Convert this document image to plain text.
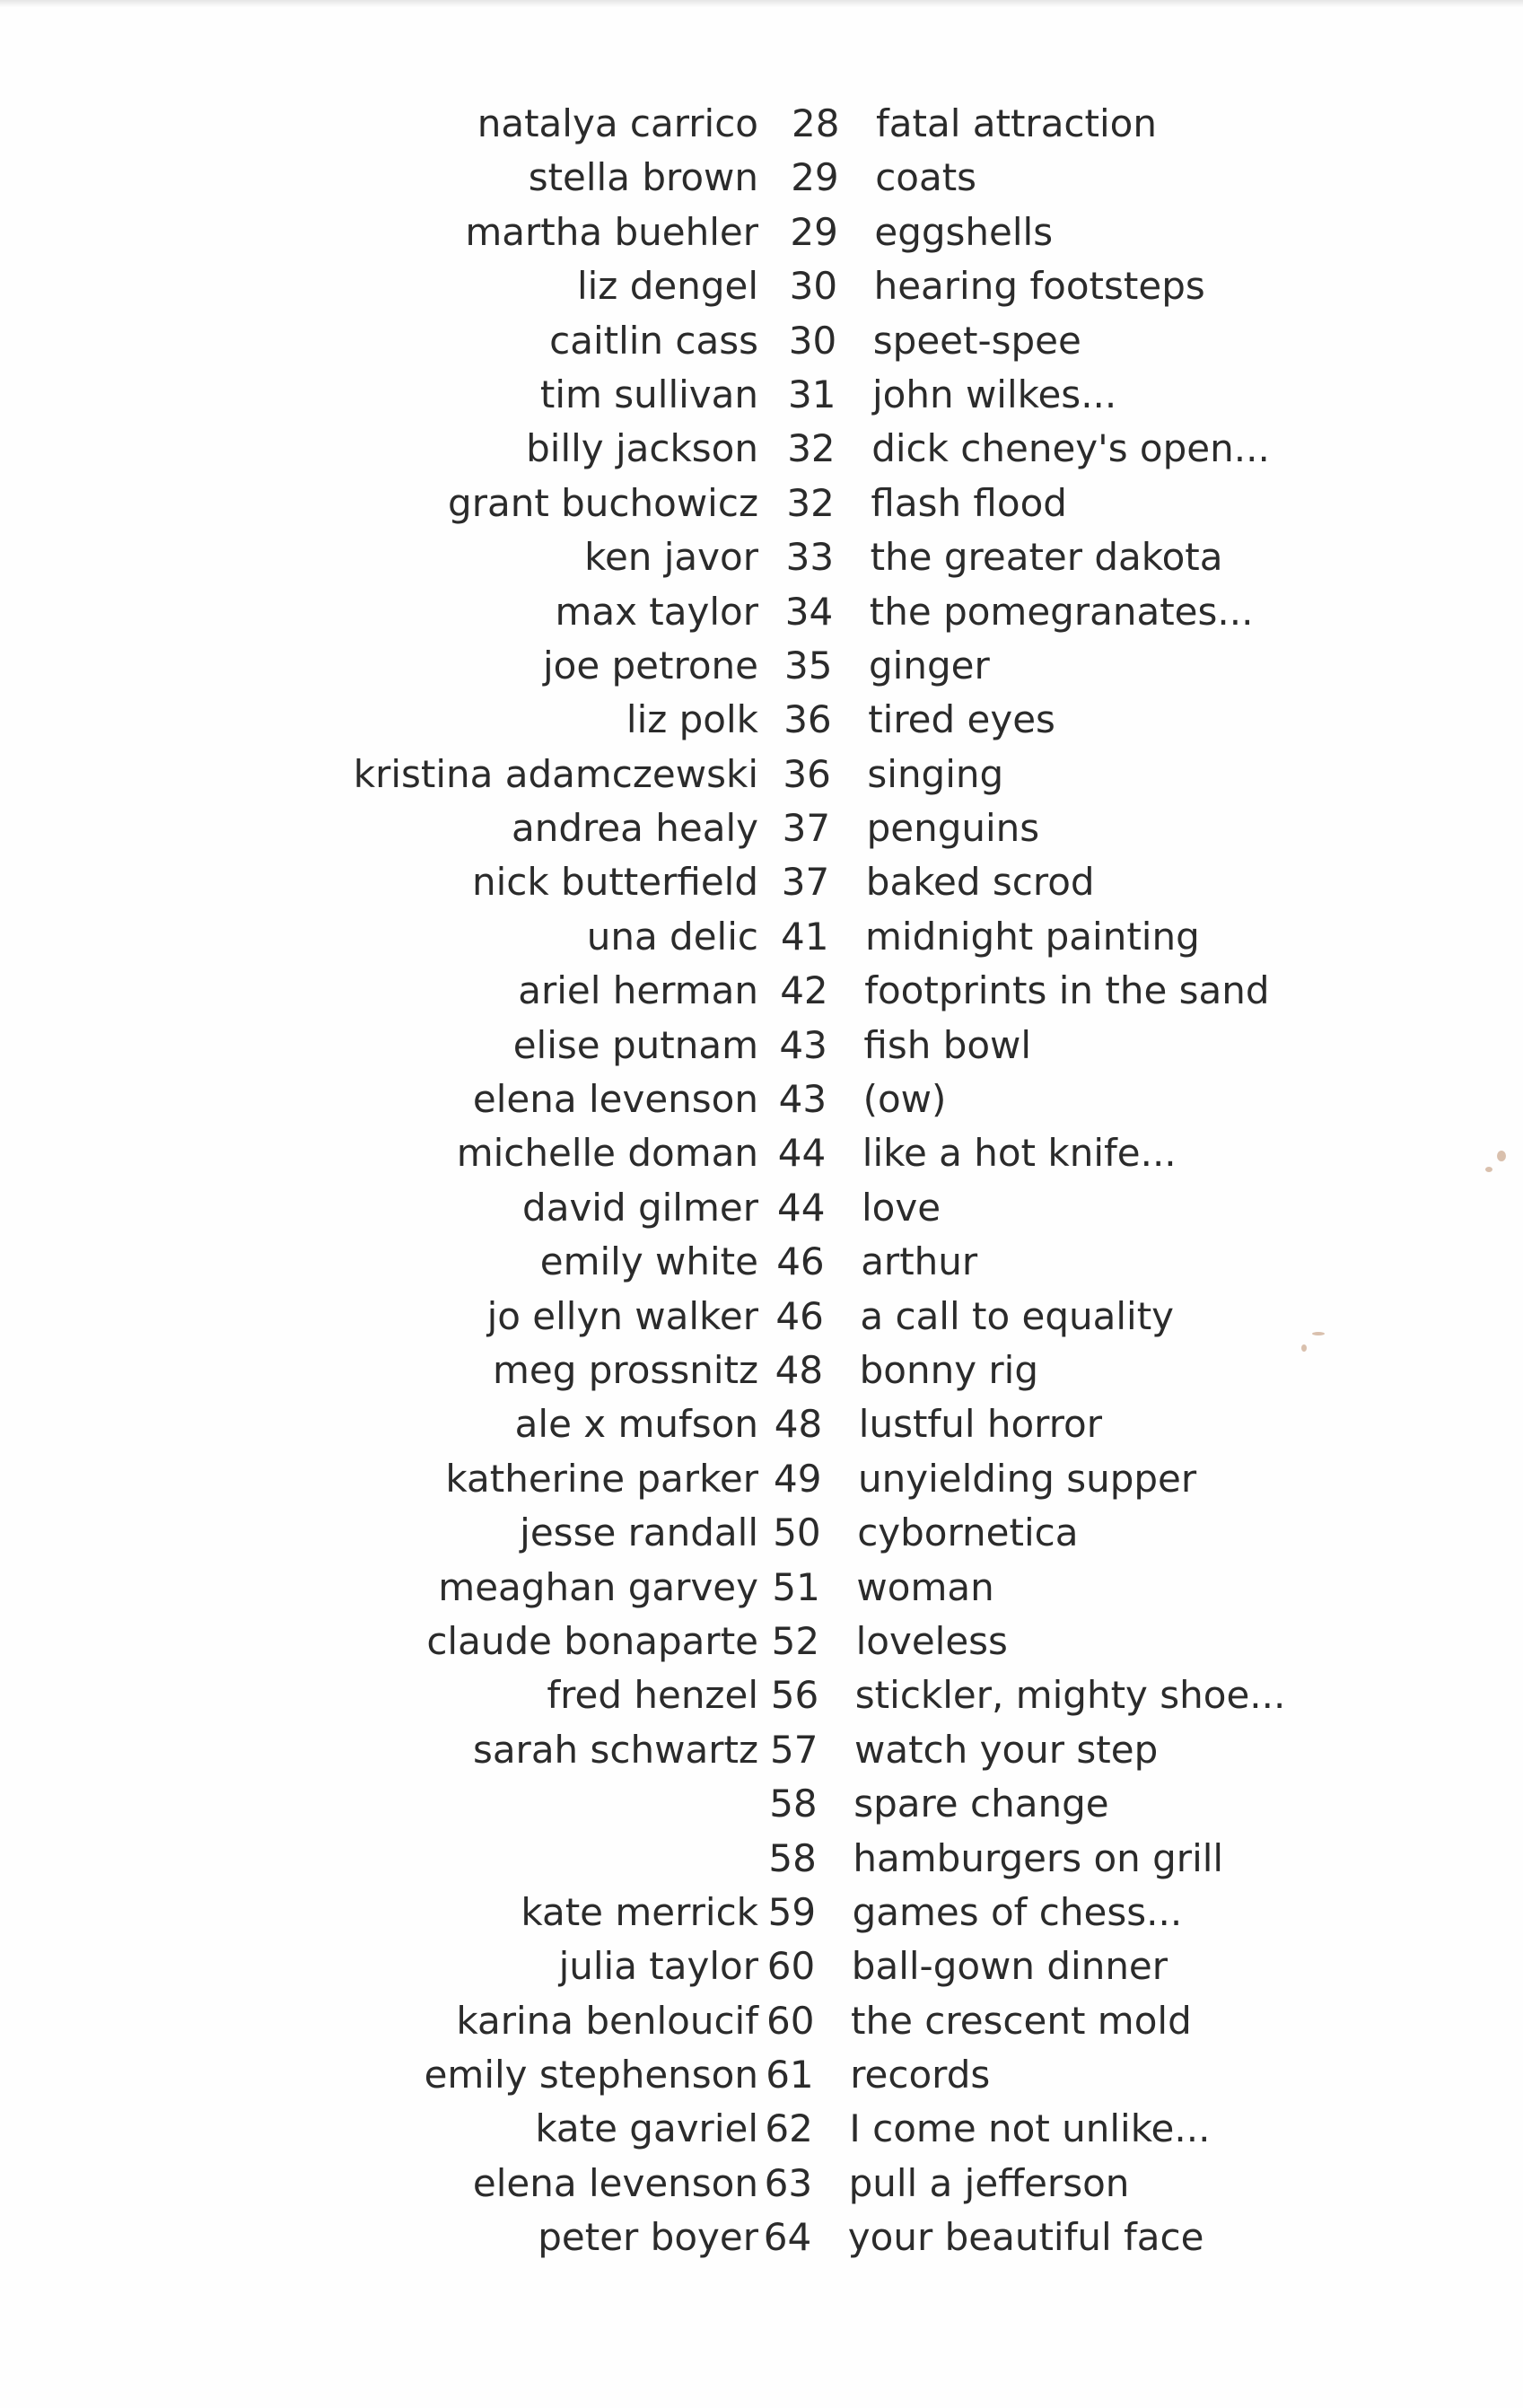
natalya carrico 28 fatal attraction
stella brown 29 coats
martha buehler 29 eggshells
liz dengel 30 hearing footsteps
caitlin cass 30 speet-spee
tim sullivan 31 john wilkes...
billy jackson 32 dick cheney's open...
grant buchowicz 32 flash flood
ken javor 33 the greater dakota
max taylor 34 the pomegranates...
joe petrone 35 ginger
liz polk 36 tired eyes
kristina adamczewski 36 singing
andrea healy 37 penguins
nick butterfield 37 baked scrod
una delic 41 midnight painting
ariel herman 42 footprints in the sand
elise putnam 43 fish bowl
elena levenson 43 (ow)
michelle doman 44 like a hot knife...
david gilmer 44 love
emily white 46 arthur
jo ellyn walker 46 a call to equality
meg prossnitz 48 bonny rig
ale x mufson 48 lustful horror
katherine parker 49 unyielding supper
jesse randall 50 cybornetica
meaghan garvey 51 woman
claude bonaparte 52 loveless
fred henzel 56 stickler, mighty shoe...
sarah schwartz 57 watch your step
58 spare change
58 hamburgers on grill
kate merrick 59 games of chess...
julia taylor 60 ball-gown dinner
karina benloucif 60 the crescent mold
emily stephenson 61 records
kate gavriel 62 I come not unlike...
elena levenson 63 pull a jefferson
peter boyer 64 your beautiful face
